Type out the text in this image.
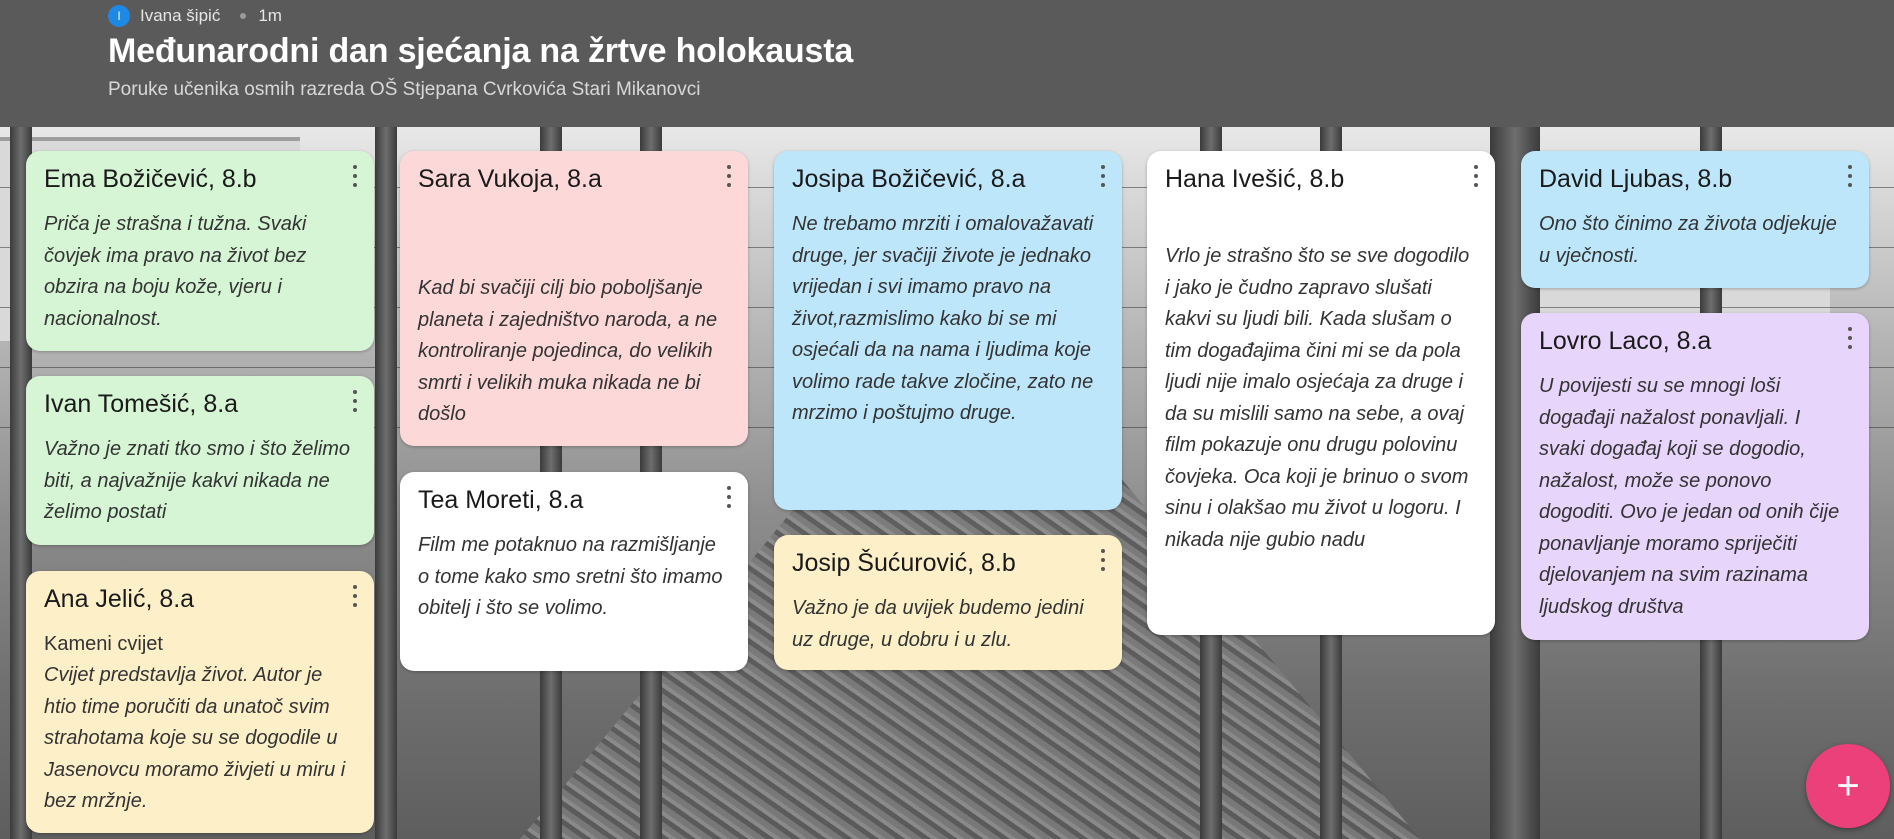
I	Ivana šipić 1m
Međunarodni dan sjećanja na žrtve holokausta
Poruke učenika osmih razreda OŠ Stjepana Cvrkovića Stari Mikanovci
Ema Božičević, 8.b
Priča je strašna i tužna. Svaki čovjek ima pravo na život bez obzira na boju kože, vjeru i nacionalnost.
Ivan Tomešić, 8.a
Važno je znati tko smo i što želimo biti, a najvažnije kakvi nikada ne želimo postati
Ana Jelić, 8.a
Kameni cvijet
Cvijet predstavlja život. Autor je htio time poručiti da unatoč svim strahotama koje su se dogodile u Jasenovcu moramo živjeti u miru i bez mržnje.
Sara Vukoja, 8.a
Kad bi svačiji cilj bio poboljšanje planeta i zajedništvo naroda, a ne kontroliranje pojedinca, do velikih smrti i velikih muka nikada ne bi došlo
Tea Moreti, 8.a
Film me potaknuo na razmišljanje o tome kako smo sretni što imamo obitelj i što se volimo.
Josipa Božičević, 8.a
Ne trebamo mrziti i omalovažavati druge, jer svačiji živote je jednako vrijedan i svi imamo pravo na život,razmislimo kako bi se mi osjećali da na nama i ljudima koje volimo rade takve zločine, zato ne mrzimo i poštujmo druge.
Josip Šućurović, 8.b
Važno je da uvijek budemo jedini uz druge, u dobru i u zlu.
Hana Ivešić, 8.b
Vrlo je strašno što se sve dogodilo i jako je čudno zapravo slušati kakvi su ljudi bili. Kada slušam o tim događajima čini mi se da pola ljudi nije imalo osjećaja za druge i da su mislili samo na sebe, a ovaj film pokazuje onu drugu polovinu čovjeka. Oca koji je brinuo o svom sinu i olakšao mu život u logoru. I nikada nije gubio nadu
David Ljubas, 8.b
Ono što činimo za života odjekuje u vječnosti.
Lovro Laco, 8.a
U povijesti su se mnogi loši događaji nažalost ponavljali. I svaki događaj koji se dogodio, nažalost, može se ponovo dogoditi. Ovo je jedan od onih čije ponavljanje moramo spriječiti djelovanjem na svim razinama ljudskog društva
+
